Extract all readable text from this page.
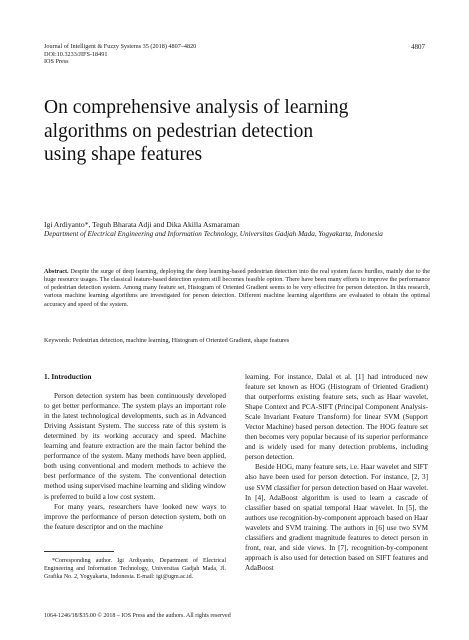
Journal of Intelligent & Fuzzy Systems 35 (2018) 4807–4820
DOI:10.3233/JIFS-18491
IOS Press
4807
On comprehensive analysis of learning
algorithms on pedestrian detection
using shape features
Igi Ardiyanto*, Teguh Bharata Adji and Dika Akilla Asmaraman
Department of Electrical Engineering and Information Technology, Universitas Gadjah Mada, Yogyakarta, Indonesia
Abstract. Despite the surge of deep learning, deploying the deep learning-based pedestrian detection into the real system faces hurdles, mainly due to the huge resource usages. The classical feature-based detection system still becomes feasible option. There have been many efforts to improve the performance of pedestrian detection system. Among many feature set, Histogram of Oriented Gradient seems to be very effective for person detection. In this research, various machine learning algorithms are investigated for person detection. Different machine learning algorithms are evaluated to obtain the optimal accuracy and speed of the system.
Keywords: Pedestrian detection, machine learning, Histogram of Oriented Gradient, shape features
1. Introduction

Person detection system has been continuously developed to get better performance. The system plays an important role in the latest technological developments, such as in Advanced Driving Assistant System. The success rate of this system is determined by its working accuracy and speed. Machine learning and feature extraction are the main factor behind the performance of the system. Many methods have been applied, both using conventional and modern methods to achieve the best performance of the system. The conventional detection method using supervised machine learning and sliding window is preferred to build a low cost system.

For many years, researchers have looked new ways to improve the performance of person detection system, both on the feature descriptor and on the machine

learning. For instance, Dalal et al. [1] had introduced new feature set known as HOG (Histogram of Oriented Gradient) that outperforms existing feature sets, such as Haar wavelet, Shape Context and PCA-SIFT (Principal Component Analysis-Scale Invariant Feature Transform) for linear SVM (Support Vector Machine) based person detection. The HOG feature set then becomes very popular because of its superior performance and is widely used for many detection problems, including person detection.

Beside HOG, many feature sets, i.e. Haar wavelet and SIFT also have been used for person detection. For instance, [2, 3] use SVM classifier for person detection based on Haar wavelet. In [4], AdaBoost algorithm is used to learn a cascade of classifier based on spatial temporal Haar wavelet. In [5], the authors use recognition-by-component approach based on Haar wavelets and SVM training. The authors in [6] use two SVM classifiers and gradient magnitude features to detect person in front, rear, and side views. In [7], recognition-by-component approach is also used for detection based on SIFT features and AdaBoost

*Corresponding author. Igi Ardiyanto, Department of Electrical Engineering and Information Technology, Universitas Gadjah Mada, Jl. Grafika No. 2, Yogyakarta, Indonesia. E-mail: igi@ugm.ac.id.

1064-1246/18/$35.00 © 2018 – IOS Press and the authors. All rights reserved
